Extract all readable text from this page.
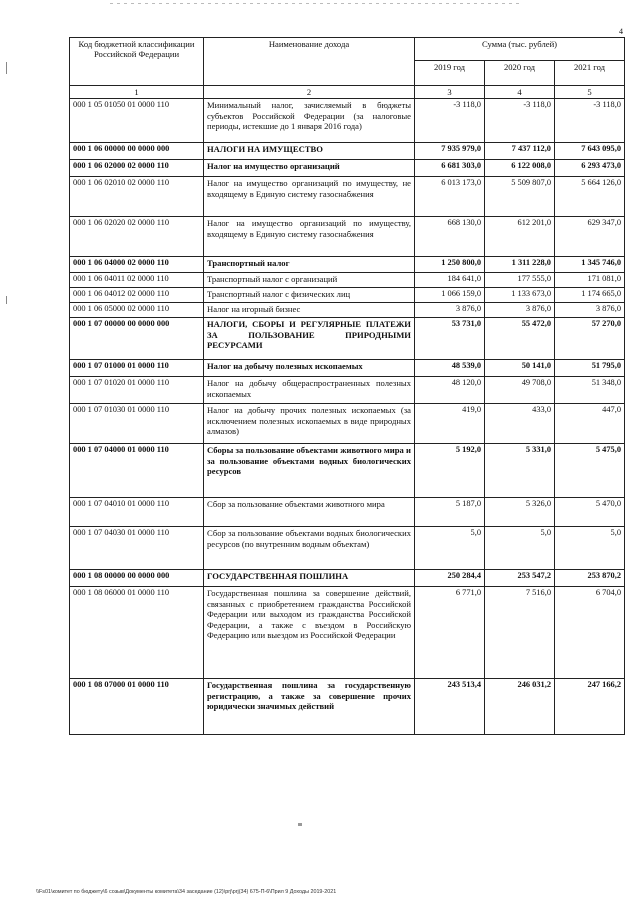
4
Код бюджетной классификации Российской Федерации	Наименование дохода	Сумма (тыс. рублей)		
		2019 год	2020 год	2021 год
1	2	3	4	5
000 1 05 01050 01 0000 110	Минимальный налог, зачисляемый в бюджеты субъектов Российской Федерации (за налоговые периоды, истекшие до 1 января 2016 года)	-3 118,0	-3 118,0	-3 118,0
000 1 06 00000 00 0000 000	НАЛОГИ НА ИМУЩЕСТВО	7 935 979,0	7 437 112,0	7 643 095,0
000 1 06 02000 02 0000 110	Налог на имущество организаций	6 681 303,0	6 122 008,0	6 293 473,0
000 1 06 02010 02 0000 110	Налог на имущество организаций по имуществу, не входящему в Единую систему газоснабжения	6 013 173,0	5 509 807,0	5 664 126,0
000 1 06 02020 02 0000 110	Налог на имущество организаций по имуществу, входящему в Единую систему газоснабжения	668 130,0	612 201,0	629 347,0
000 1 06 04000 02 0000 110	Транспортный налог	1 250 800,0	1 311 228,0	1 345 746,0
000 1 06 04011 02 0000 110	Транспортный налог с организаций	184 641,0	177 555,0	171 081,0
000 1 06 04012 02 0000 110	Транспортный налог с физических лиц	1 066 159,0	1 133 673,0	1 174 665,0
000 1 06 05000 02 0000 110	Налог на игорный бизнес	3 876,0	3 876,0	3 876,0
000 1 07 00000 00 0000 000	НАЛОГИ, СБОРЫ И РЕГУЛЯРНЫЕ ПЛАТЕЖИ ЗА ПОЛЬЗОВАНИЕ ПРИРОДНЫМИ РЕСУРСАМИ	53 731,0	55 472,0	57 270,0
000 1 07 01000 01 0000 110	Налог на добычу полезных ископаемых	48 539,0	50 141,0	51 795,0
000 1 07 01020 01 0000 110	Налог на добычу общераспространенных полезных ископаемых	48 120,0	49 708,0	51 348,0
000 1 07 01030 01 0000 110	Налог на добычу прочих полезных ископаемых (за исключением полезных ископаемых в виде природных алмазов)	419,0	433,0	447,0
000 1 07 04000 01 0000 110	Сборы за пользование объектами животного мира и за пользование объектами водных биологических ресурсов	5 192,0	5 331,0	5 475,0
000 1 07 04010 01 0000 110	Сбор за пользование объектами животного мира	5 187,0	5 326,0	5 470,0
000 1 07 04030 01 0000 110	Сбор за пользование объектами водных биологических ресурсов (по внутренним водным объектам)	5,0	5,0	5,0
000 1 08 00000 00 0000 000	ГОСУДАРСТВЕННАЯ ПОШЛИНА	250 284,4	253 547,2	253 870,2
000 1 08 06000 01 0000 110	Государственная пошлина за совершение действий, связанных с приобретением гражданства Российской Федерации или выходом из гражданства Российской Федерации, а также с въездом в Российскую Федерацию или выездом из Российской Федерации	6 771,0	7 516,0	6 704,0
000 1 08 07000 01 0000 110	Государственная пошлина за государственную регистрацию, а также за совершение прочих юридически значимых действий	243 513,4	246 031,2	247 166,2
\\Fs01\комитет по бюджету\6 созыв\Документы комитета\34 заседание (12)\prj\prj(34) 675-П-6\Прил 9 Доходы 2019-2021
